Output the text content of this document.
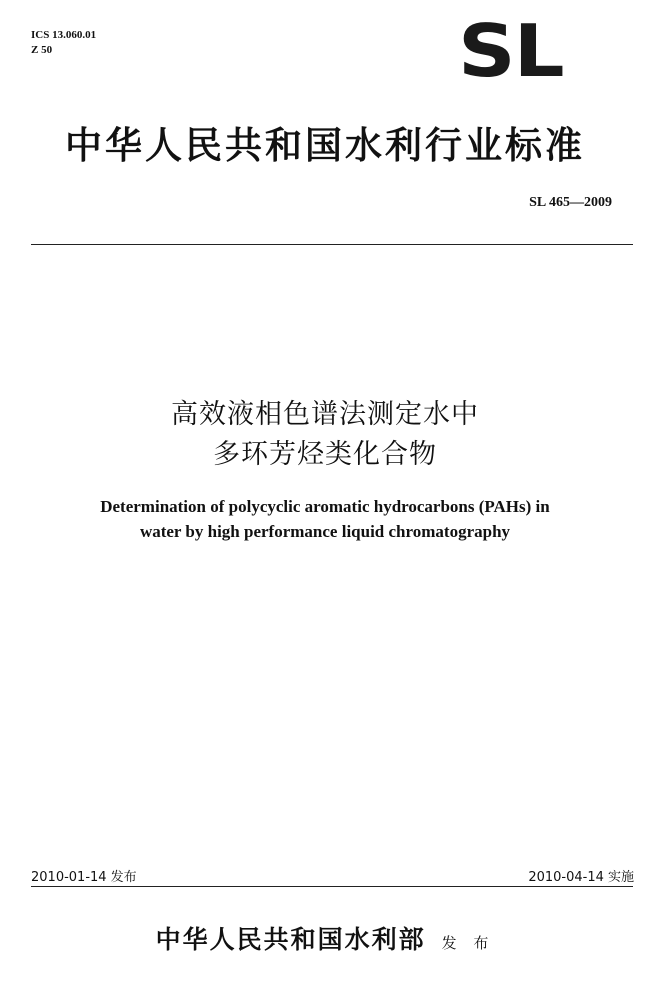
ICS 13.060.01
Z 50	SL
中华人民共和国水利行业标准
SL 465—2009
高效液相色谱法测定水中
多环芳烃类化合物
Determination of polycyclic aromatic hydrocarbons (PAHs) in
water by high performance liquid chromatography
2010-01-14 发布	2010-04-14 实施
中华人民共和国水利部 发 布
